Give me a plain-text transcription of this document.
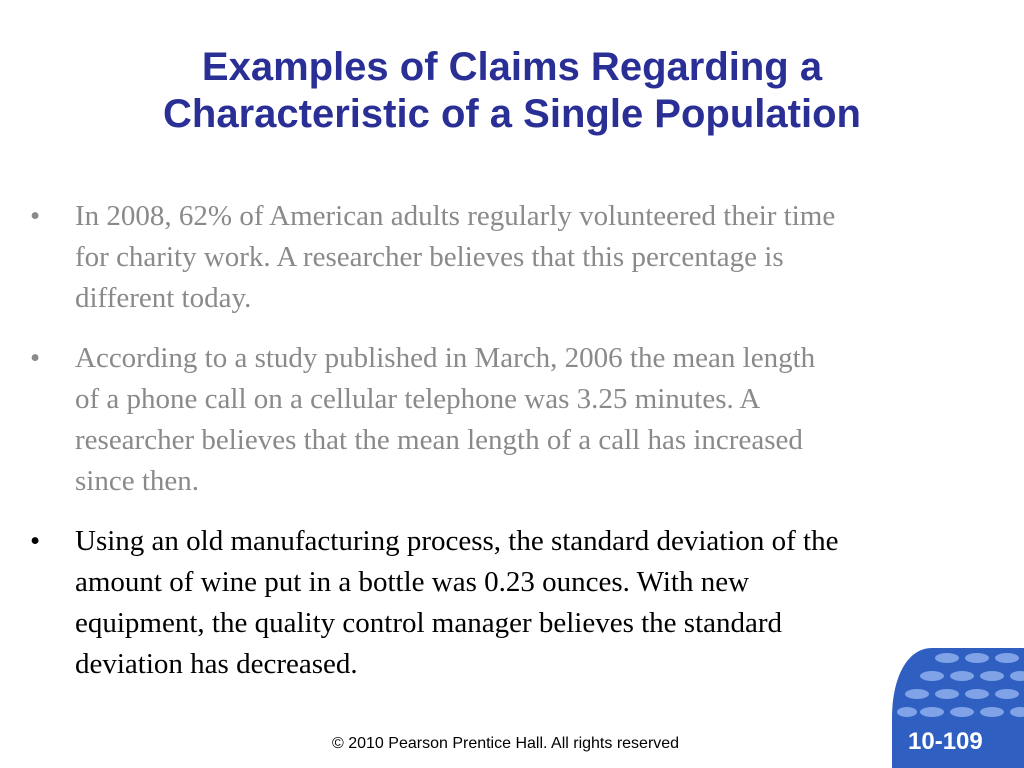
Examples of Claims Regarding a
Characteristic of a Single Population
• In 2008, 62% of American adults regularly volunteered their time
for charity work. A researcher believes that this percentage is
different today.
• According to a study published in March, 2006 the mean length
of a phone call on a cellular telephone was 3.25 minutes. A
researcher believes that the mean length of a call has increased
since then.
• Using an old manufacturing process, the standard deviation of the
amount of wine put in a bottle was 0.23 ounces. With new
equipment, the quality control manager believes the standard
deviation has decreased.
© 2010 Pearson Prentice Hall. All rights reserved	10-109
